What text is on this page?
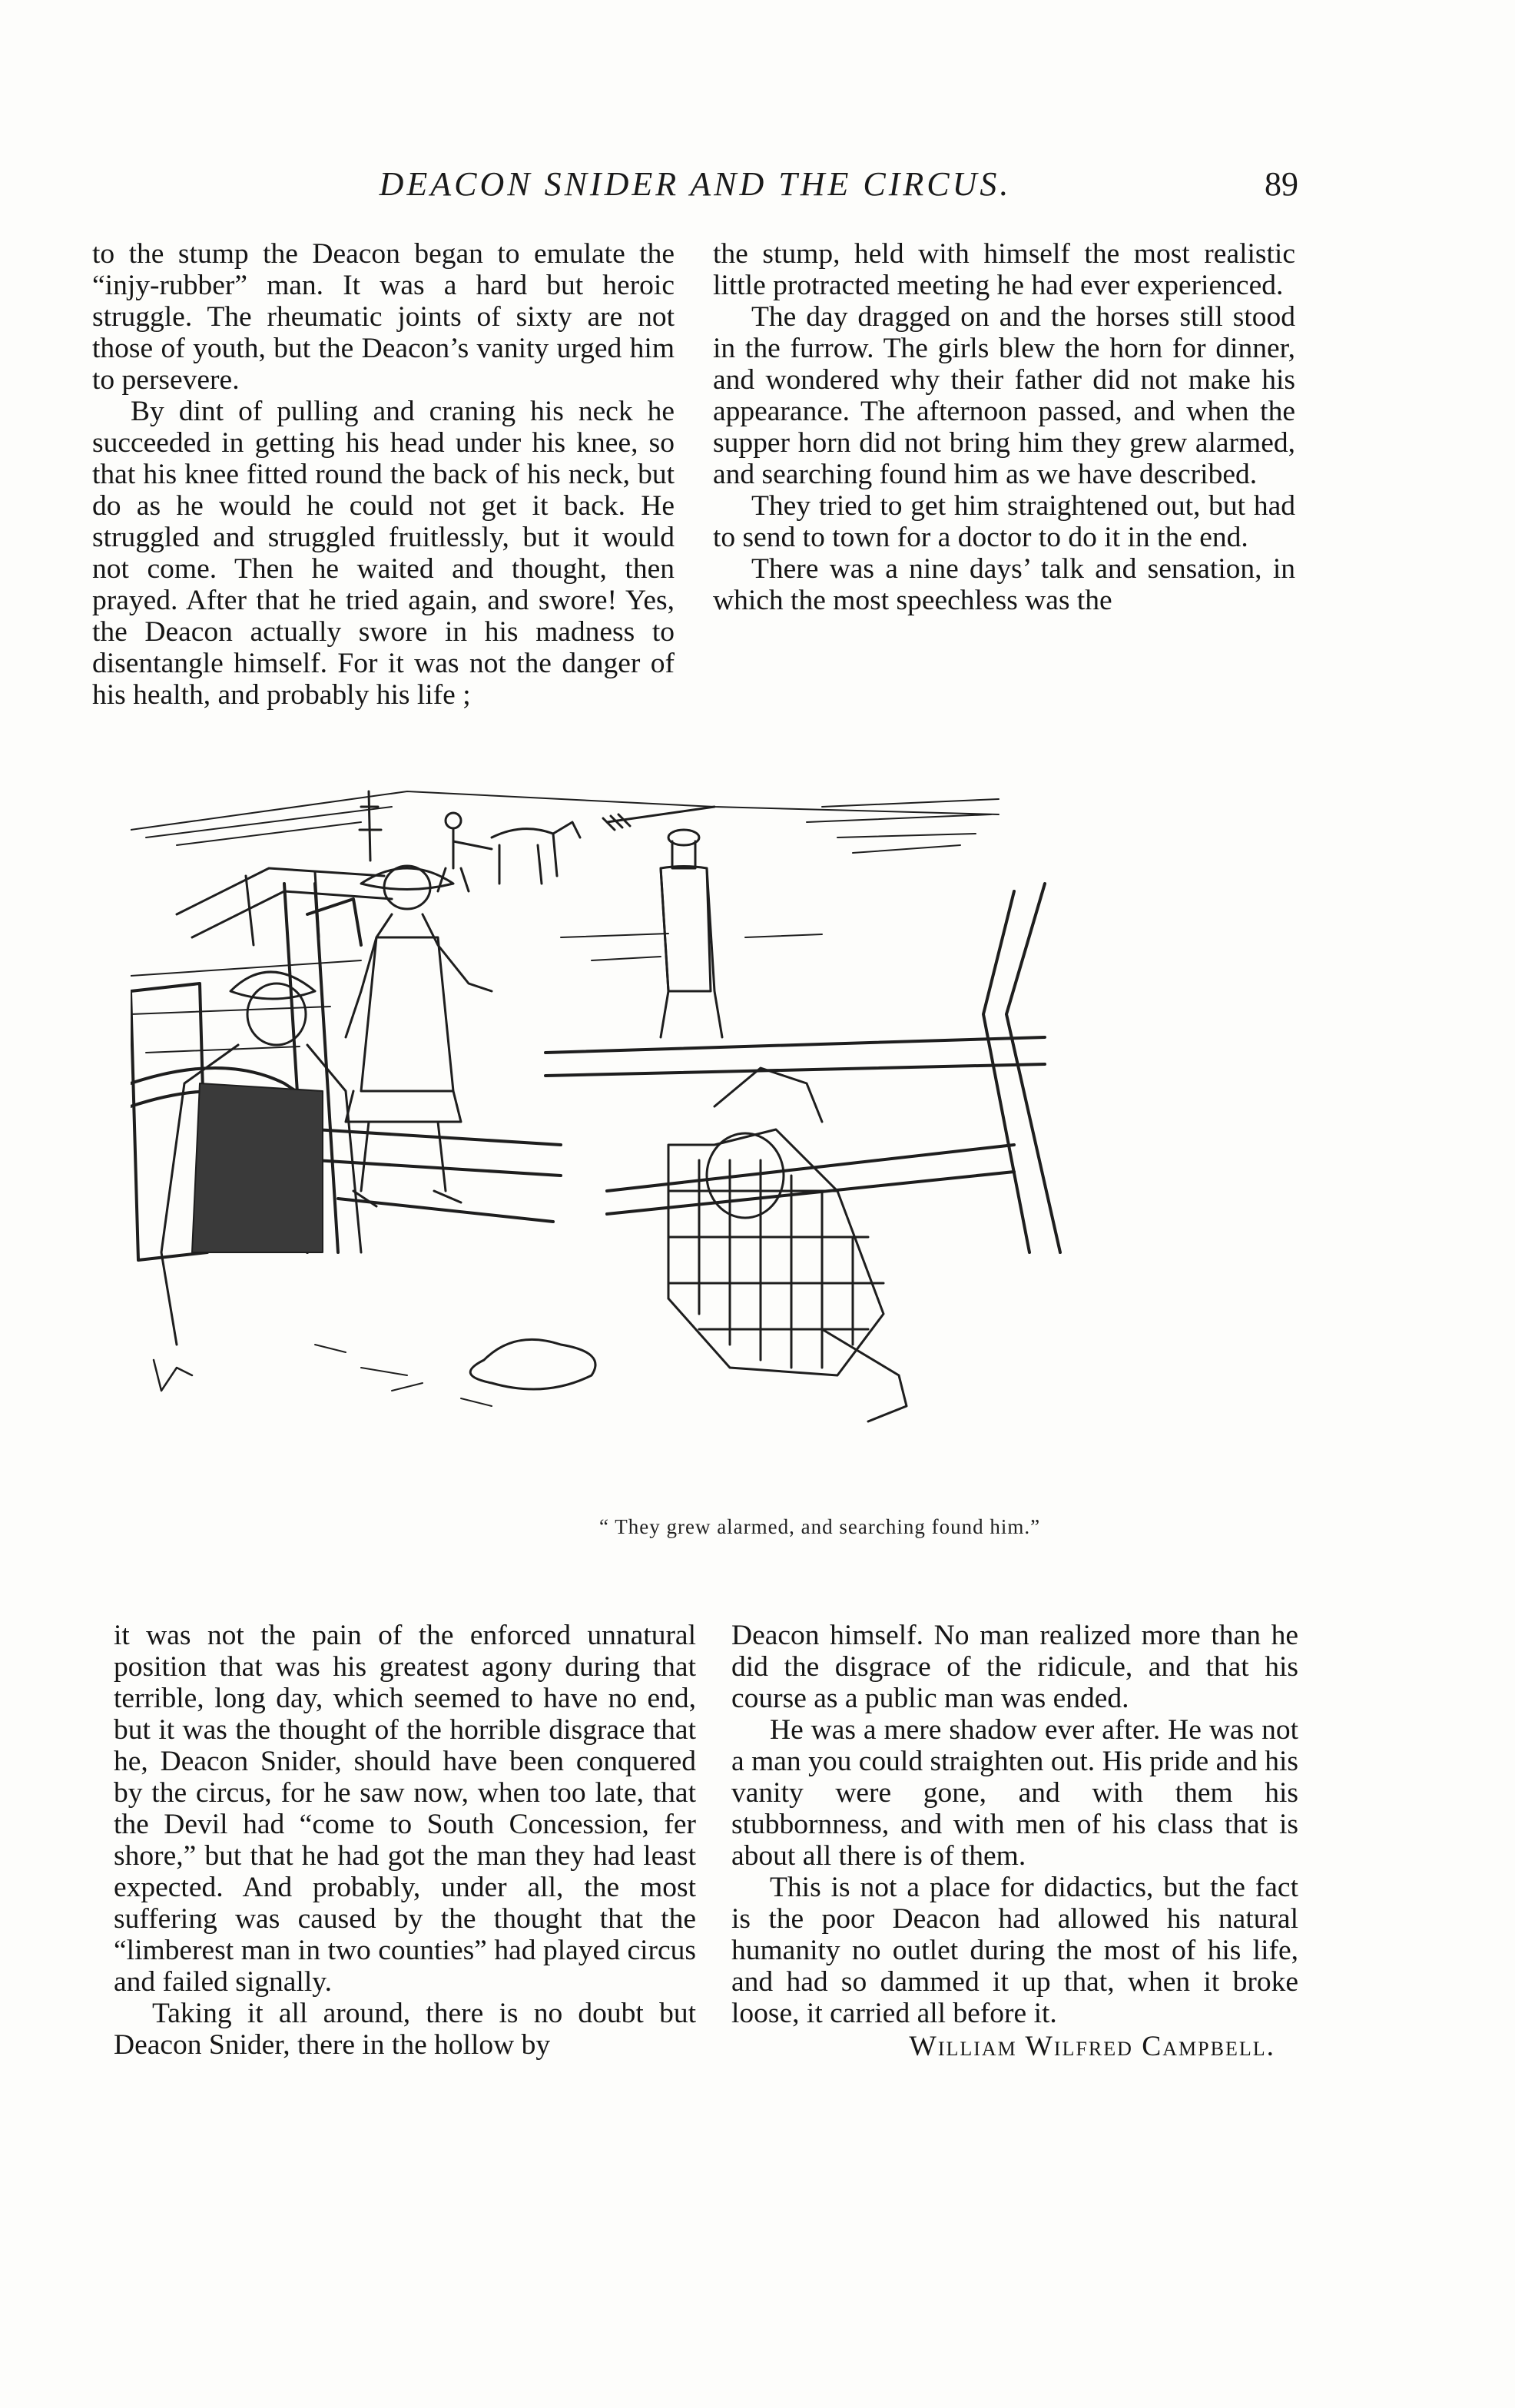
DEACON SNIDER AND THE CIRCUS.	89

to the stump the Deacon began to emulate the “injy-rubber” man. It was a hard but heroic struggle. The rheumatic joints of sixty are not those of youth, but the Deacon’s vanity urged him to persevere.

By dint of pulling and craning his neck he succeeded in getting his head under his knee, so that his knee fitted round the back of his neck, but do as he would he could not get it back. He struggled and struggled fruitlessly, but it would not come. Then he waited and thought, then prayed. After that he tried again, and swore! Yes, the Deacon actually swore in his madness to disentangle himself. For it was not the danger of his health, and probably his life ;

the stump, held with himself the most realistic little protracted meeting he had ever experienced.

The day dragged on and the horses still stood in the furrow. The girls blew the horn for dinner, and wondered why their father did not make his appearance. The afternoon passed, and when the supper horn did not bring him they grew alarmed, and searching found him as we have described.

They tried to get him straightened out, but had to send to town for a doctor to do it in the end.

There was a nine days’ talk and sensation, in which the most speechless was the

“ They grew alarmed, and searching found him.”

it was not the pain of the enforced unnatural position that was his greatest agony during that terrible, long day, which seemed to have no end, but it was the thought of the horrible disgrace that he, Deacon Snider, should have been conquered by the circus, for he saw now, when too late, that the Devil had “come to South Concession, fer shore,” but that he had got the man they had least expected. And probably, under all, the most suffering was caused by the thought that the “limberest man in two counties” had played circus and failed signally.

Taking it all around, there is no doubt but Deacon Snider, there in the hollow by

Deacon himself. No man realized more than he did the disgrace of the ridicule, and that his course as a public man was ended.

He was a mere shadow ever after. He was not a man you could straighten out. His pride and his vanity were gone, and with them his stubbornness, and with men of his class that is about all there is of them.

This is not a place for didactics, but the fact is the poor Deacon had allowed his natural humanity no outlet during the most of his life, and had so dammed it up that, when it broke loose, it carried all before it.

William Wilfred Campbell.
